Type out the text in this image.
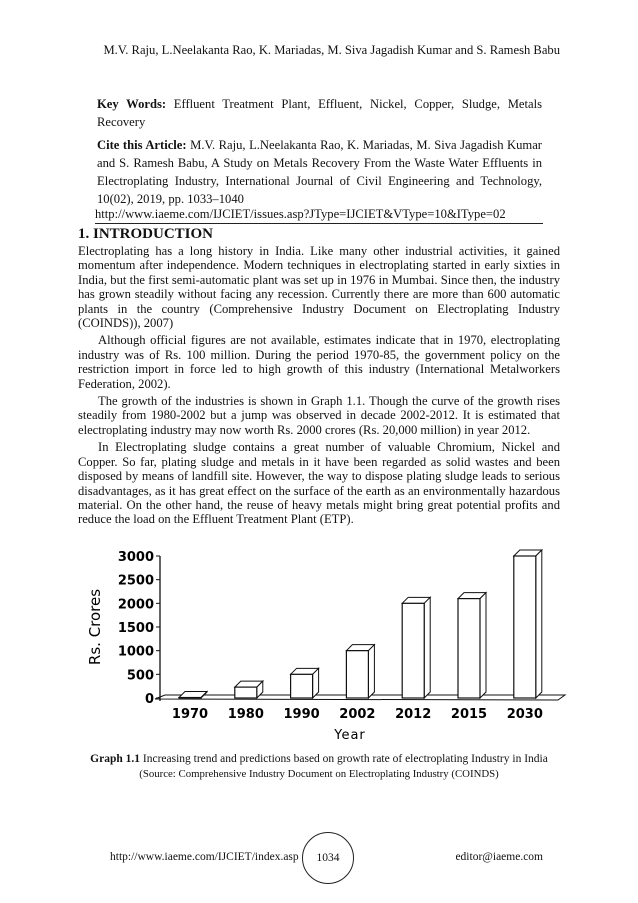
M.V. Raju, L.Neelakanta Rao, K. Mariadas, M. Siva Jagadish Kumar and S. Ramesh Babu
Key Words: Effluent Treatment Plant, Effluent, Nickel, Copper, Sludge, Metals Recovery
Cite this Article: M.V. Raju, L.Neelakanta Rao, K. Mariadas, M. Siva Jagadish Kumar and S. Ramesh Babu, A Study on Metals Recovery From the Waste Water Effluents in Electroplating Industry, International Journal of Civil Engineering and Technology, 10(02), 2019, pp. 1033–1040
http://www.iaeme.com/IJCIET/issues.asp?JType=IJCIET&VType=10&IType=02
1. INTRODUCTION

Electroplating has a long history in India. Like many other industrial activities, it gained momentum after independence. Modern techniques in electroplating started in early sixties in India, but the first semi-automatic plant was set up in 1976 in Mumbai. Since then, the industry has grown steadily without facing any recession. Currently there are more than 600 automatic plants in the country (Comprehensive Industry Document on Electroplating Industry (COINDS)), 2007)

Although official figures are not available, estimates indicate that in 1970, electroplating industry was of Rs. 100 million. During the period 1970-85, the government policy on the restriction import in force led to high growth of this industry (International Metalworkers Federation, 2002).

The growth of the industries is shown in Graph 1.1. Though the curve of the growth rises steadily from 1980-2002 but a jump was observed in decade 2002-2012. It is estimated that electroplating industry may now worth Rs. 2000 crores (Rs. 20,000 million) in year 2012.

In Electroplating sludge contains a great number of valuable Chromium, Nickel and Copper. So far, plating sludge and metals in it have been regarded as solid wastes and been disposed by means of landfill site. However, the way to dispose plating sludge leads to serious disadvantages, as it has great effect on the surface of the earth as an environmentally hazardous material. On the other hand, the reuse of heavy metals might bring great potential profits and reduce the load on the Effluent Treatment Plant (ETP).

0
500
1000
1500
2000
2500
3000
1970 1980 1990 2002 2012 2015 2030
Year
Rs. Crores
Graph 1.1 Increasing trend and predictions based on growth rate of electroplating Industry in India
(Source: Comprehensive Industry Document on Electroplating Industry (COINDS)
http://www.iaeme.com/IJCIET/index.asp	1034	editor@iaeme.com
